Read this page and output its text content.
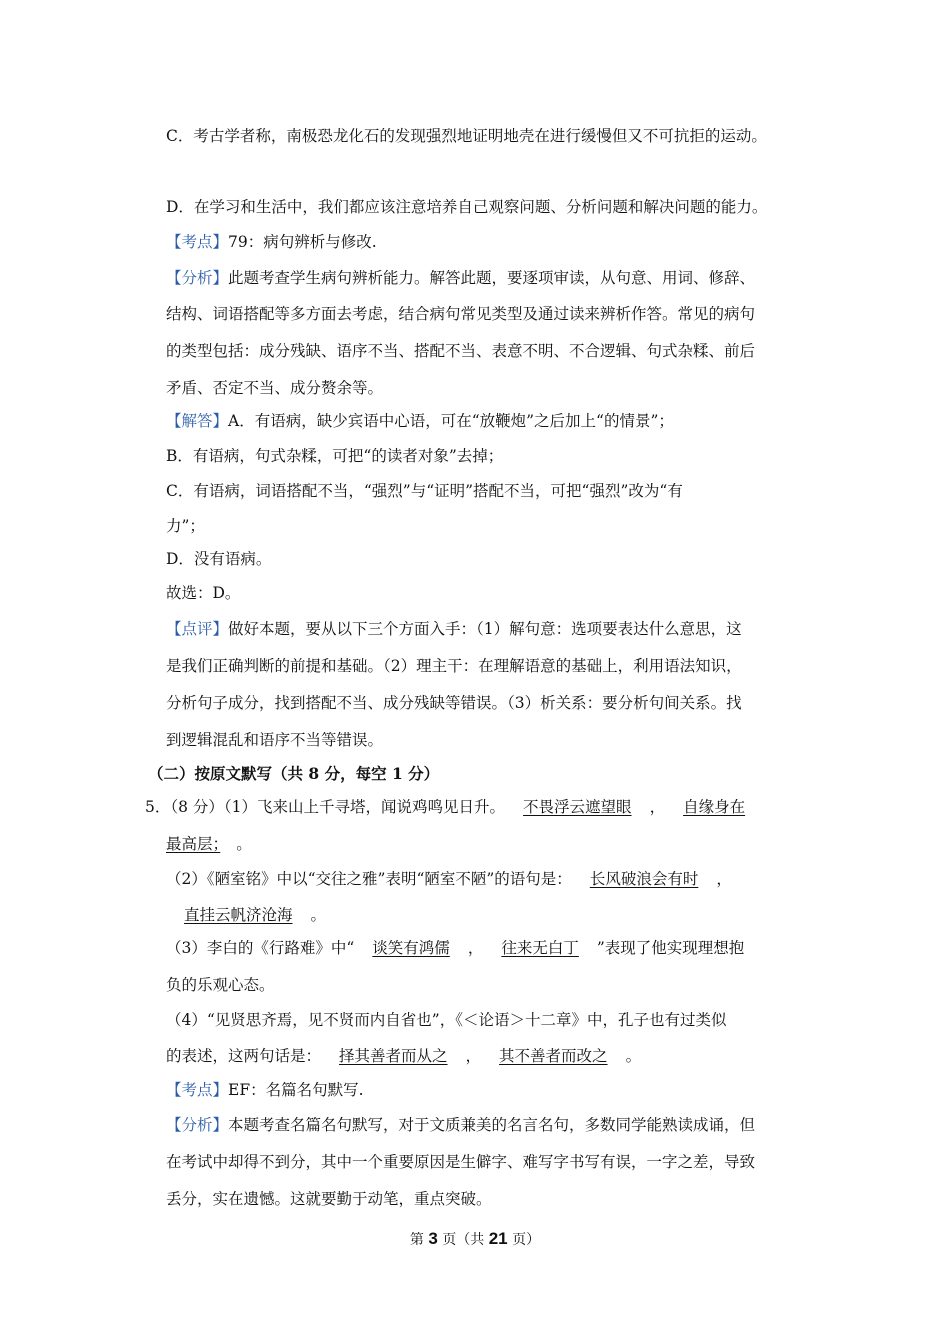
C．考古学者称，南极恐龙化石的发现强烈地证明地壳在进行缓慢但又不可抗拒的运动。
D．在学习和生活中，我们都应该注意培养自己观察问题、分析问题和解决问题的能力。
【考点】79：病句辨析与修改.
【分析】此题考查学生病句辨析能力。解答此题，要逐项审读，从句意、用词、修辞、
结构、词语搭配等多方面去考虑，结合病句常见类型及通过读来辨析作答。常见的病句
的类型包括：成分残缺、语序不当、搭配不当、表意不明、不合逻辑、句式杂糅、前后
矛盾、否定不当、成分赘余等。
【解答】A．有语病，缺少宾语中心语，可在“放鞭炮”之后加上“的情景”；
B．有语病，句式杂糅，可把“的读者对象”去掉；
C．有语病，词语搭配不当，“强烈”与“证明”搭配不当，可把“强烈”改为“有
力”；
D．没有语病。
故选：D。
【点评】做好本题，要从以下三个方面入手：（1）解句意：选项要表达什么意思，这
是我们正确判断的前提和基础。（2）理主干：在理解语意的基础上，利用语法知识，
分析句子成分，找到搭配不当、成分残缺等错误。（3）析关系：要分析句间关系。找
到逻辑混乱和语序不当等错误。
（二）按原文默写（共 8 分，每空 1 分）
5．（8 分）（1）飞来山上千寻塔，闻说鸡鸣见日升。 不畏浮云遮望眼 ， 自缘身在
最高层； 。
（2）《陋室铭》中以“交往之雅”表明“陋室不陋”的语句是： 长风破浪会有时 ，
直挂云帆济沧海 。
（3）李白的《行路难》中“ 谈笑有鸿儒 ， 往来无白丁 ”表现了他实现理想抱
负的乐观心态。
（4）“见贤思齐焉，见不贤而内自省也”，《＜论语＞十二章》中，孔子也有过类似
的表述，这两句话是： 择其善者而从之 ， 其不善者而改之 。
【考点】EF：名篇名句默写.
【分析】本题考查名篇名句默写，对于文质兼美的名言名句，多数同学能熟读成诵，但
在考试中却得不到分，其中一个重要原因是生僻字、难写字书写有误，一字之差，导致
丢分，实在遗憾。这就要勤于动笔，重点突破。
第 3 页（共 21 页）
